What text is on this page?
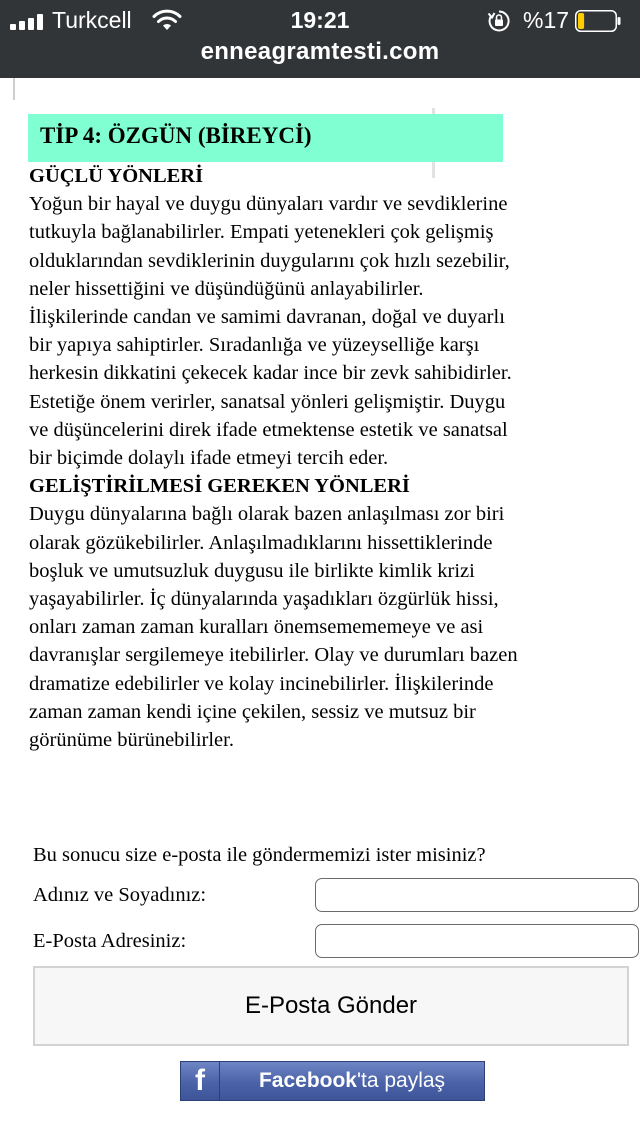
Turkcell	19:21	%17
enneagramtesti.com
TİP 4: ÖZGÜN (BİREYCİ)
GÜÇLÜ YÖNLERİ

Yoğun bir hayal ve duygu dünyaları vardır ve sevdiklerine tutkuyla bağlanabilirler. Empati yetenekleri çok gelişmiş olduklarından sevdiklerinin duygularını çok hızlı sezebilir, neler hissettiğini ve düşündüğünü anlayabilirler. İlişkilerinde candan ve samimi davranan, doğal ve duyarlı bir yapıya sahiptirler. Sıradanlığa ve yüzeyselliğe karşı herkesin dikkatini çekecek kadar ince bir zevk sahibidirler. Estetiğe önem verirler, sanatsal yönleri gelişmiştir. Duygu ve düşüncelerini direk ifade etmektense estetik ve sanatsal bir biçimde dolaylı ifade etmeyi tercih eder.

GELİŞTİRİLMESİ GEREKEN YÖNLERİ

Duygu dünyalarına bağlı olarak bazen anlaşılması zor biri olarak gözükebilirler. Anlaşılmadıklarını hissettiklerinde boşluk ve umutsuzluk duygusu ile birlikte kimlik krizi yaşayabilirler. İç dünyalarında yaşadıkları özgürlük hissi, onları zaman zaman kuralları önemsemememeye ve asi davranışlar sergilemeye itebilirler. Olay ve durumları bazen dramatize edebilirler ve kolay incinebilirler. İlişkilerinde zaman zaman kendi içine çekilen, sessiz ve mutsuz bir görünüme bürünebilirler.

Bu sonucu size e-posta ile göndermemizi ister misiniz?
Adınız ve Soyadınız:
E-Posta Adresiniz:
E-Posta Gönder
f	Facebook'ta paylaş
